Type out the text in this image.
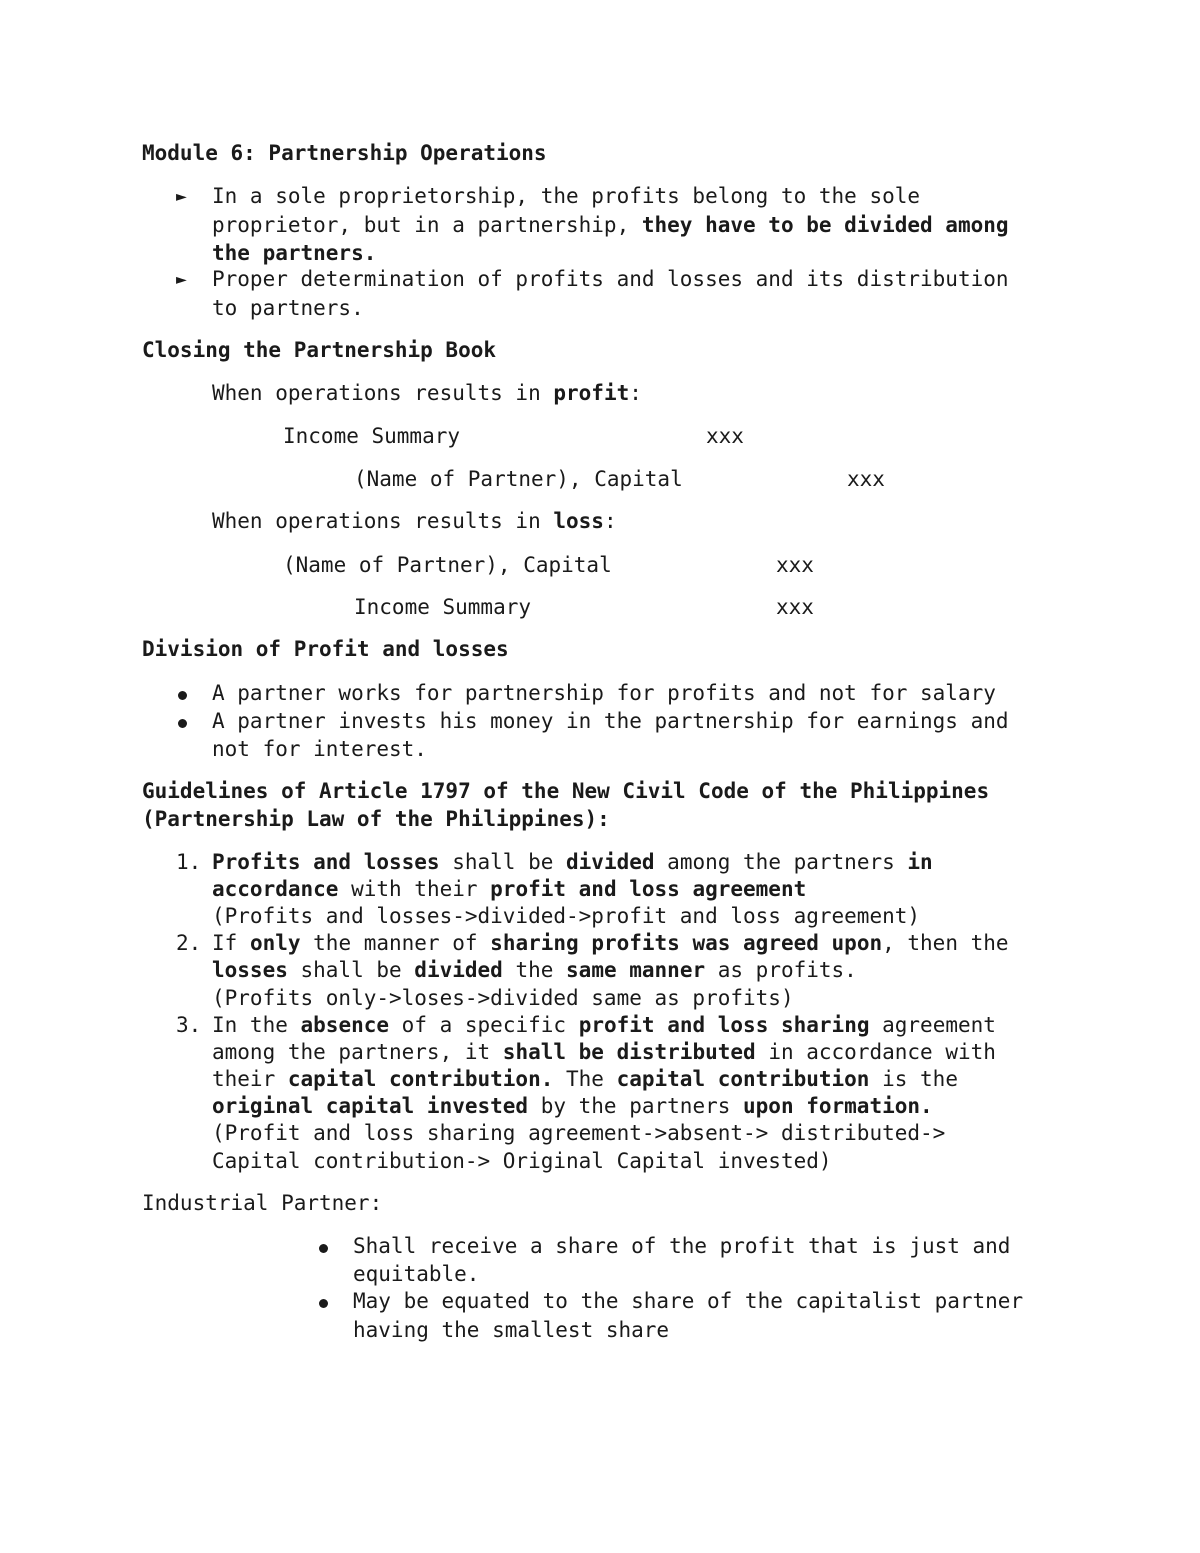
Module 6: Partnership Operations
► In a sole proprietorship, the profits belong to the sole
proprietor, but in a partnership, they have to be divided among
the partners.
► Proper determination of profits and losses and its distribution
to partners.
Closing the Partnership Book
When operations results in profit:
Income Summary	xxx
(Name of Partner), Capital	xxx
When operations results in loss:
(Name of Partner), Capital	xxx
Income Summary	xxx
Division of Profit and losses
A partner works for partnership for profits and not for salary
A partner invests his money in the partnership for earnings and
not for interest.
Guidelines of Article 1797 of the New Civil Code of the Philippines
(Partnership Law of the Philippines):
1. Profits and losses shall be divided among the partners in
accordance with their profit and loss agreement
(Profits and losses->divided->profit and loss agreement)
2. If only the manner of sharing profits was agreed upon, then the
losses shall be divided the same manner as profits.
(Profits only->loses->divided same as profits)
3. In the absence of a specific profit and loss sharing agreement
among the partners, it shall be distributed in accordance with
their capital contribution. The capital contribution is the
original capital invested by the partners upon formation.
(Profit and loss sharing agreement->absent-> distributed->
Capital contribution-> Original Capital invested)
Industrial Partner:
Shall receive a share of the profit that is just and
equitable.
May be equated to the share of the capitalist partner
having the smallest share
